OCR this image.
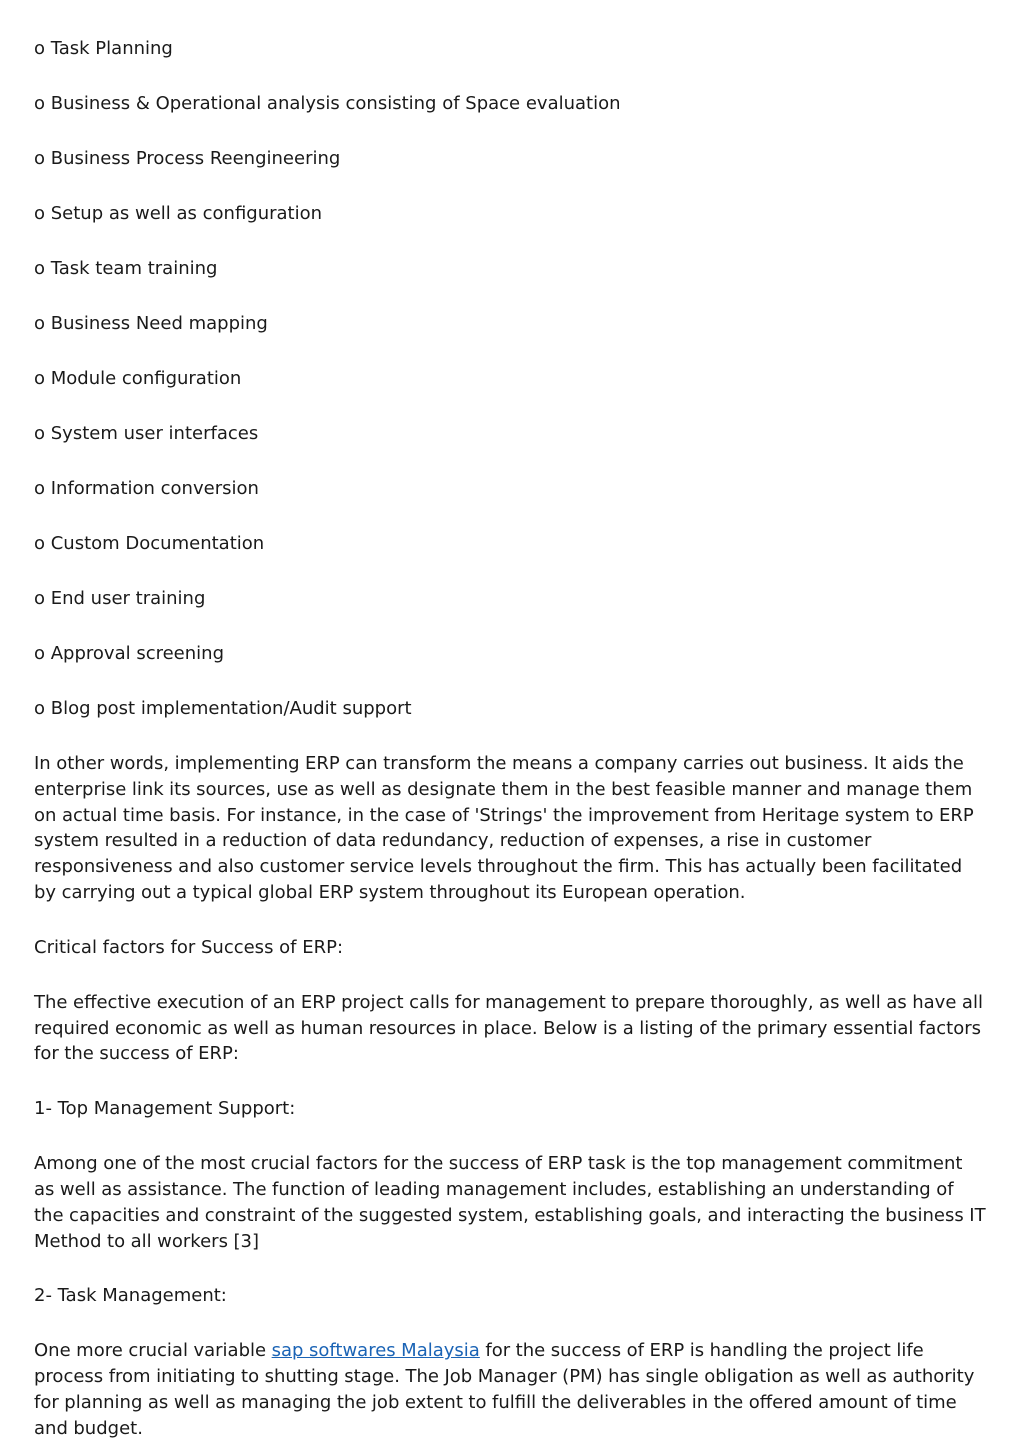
o Task Planning
o Business & Operational analysis consisting of Space evaluation
o Business Process Reengineering
o Setup as well as configuration
o Task team training
o Business Need mapping
o Module configuration
o System user interfaces
o Information conversion
o Custom Documentation
o End user training
o Approval screening
o Blog post implementation/Audit support

In other words, implementing ERP can transform the means a company carries out business. It aids the enterprise link its sources, use as well as designate them in the best feasible manner and manage them on actual time basis. For instance, in the case of 'Strings' the improvement from Heritage system to ERP system resulted in a reduction of data redundancy, reduction of expenses, a rise in customer responsiveness and also customer service levels throughout the firm. This has actually been facilitated by carrying out a typical global ERP system throughout its European operation.

Critical factors for Success of ERP:

The effective execution of an ERP project calls for management to prepare thoroughly, as well as have all required economic as well as human resources in place. Below is a listing of the primary essential factors for the success of ERP:

1- Top Management Support:

Among one of the most crucial factors for the success of ERP task is the top management commitment as well as assistance. The function of leading management includes, establishing an understanding of the capacities and constraint of the suggested system, establishing goals, and interacting the business IT Method to all workers [3]

2- Task Management:

One more crucial variable sap softwares Malaysia for the success of ERP is handling the project life process from initiating to shutting stage. The Job Manager (PM) has single obligation as well as authority for planning as well as managing the job extent to fulfill the deliverables in the offered amount of time and budget.
